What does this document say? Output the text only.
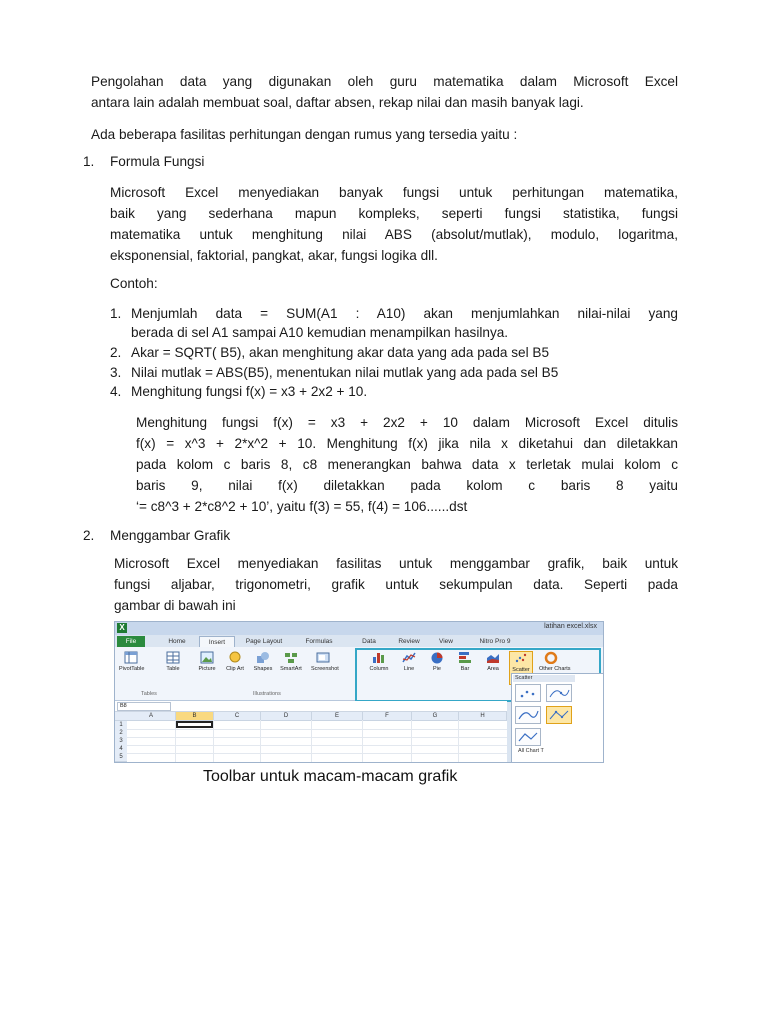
Pengolahan data yang digunakan oleh guru matematika dalam Microsoft Excel

antara lain adalah membuat soal, daftar absen, rekap nilai dan masih banyak lagi.

Ada beberapa fasilitas perhitungan dengan rumus yang tersedia yaitu :

1. Formula Fungsi
Microsoft Excel menyediakan banyak fungsi untuk perhitungan matematika,
baik yang sederhana mapun kompleks, seperti fungsi statistika, fungsi
matematika untuk menghitung nilai ABS (absolut/mutlak), modulo, logaritma,
eksponensial, faktorial, pangkat, akar, fungsi logika dll.
Contoh:
1. Menjumlah data = SUM(A1 : A10) akan menjumlahkan nilai-nilai yang
berada di sel A1 sampai A10 kemudian menampilkan hasilnya.
2. Akar = SQRT( B5), akan menghitung akar data yang ada pada sel B5
3. Nilai mutlak = ABS(B5), menentukan nilai mutlak yang ada pada sel B5
4. Menghitung fungsi f(x) = x3 + 2x2 + 10.
Menghitung fungsi f(x) = x3 + 2x2 + 10 dalam Microsoft Excel ditulis
f(x) = x^3 + 2*x^2 + 10. Menghitung f(x) jika nila x diketahui dan diletakkan
pada kolom c baris 8, c8 menerangkan bahwa data x terletak mulai kolom c
baris 9, nilai f(x) diletakkan pada kolom c baris 8 yaitu
‘= c8^3 + 2*c8^2 + 10’, yaitu f(3) = 55, f(4) = 106......dst
2. Menggambar Grafik
Microsoft Excel menyediakan fasilitas untuk menggambar grafik, baik untuk
fungsi aljabar, trigonometri, grafik untuk sekumpulan data. Seperti pada
gambar di bawah ini
X	latihan excel.xlsx
File	Home	Insert	Page Layout	Formulas	Data	Review	View	Nitro Pro 9
PivotTable	Table	Picture	Clip Art	Shapes	SmartArt Screenshot	Column	Line	Pie	Bar	Area	Scatter	Other Charts
Tables	Illustrations
B8
A	B	C	D	E	F	G	H
1
2
3
4
5
Scatter
All Chart T
Toolbar untuk macam-macam grafik
